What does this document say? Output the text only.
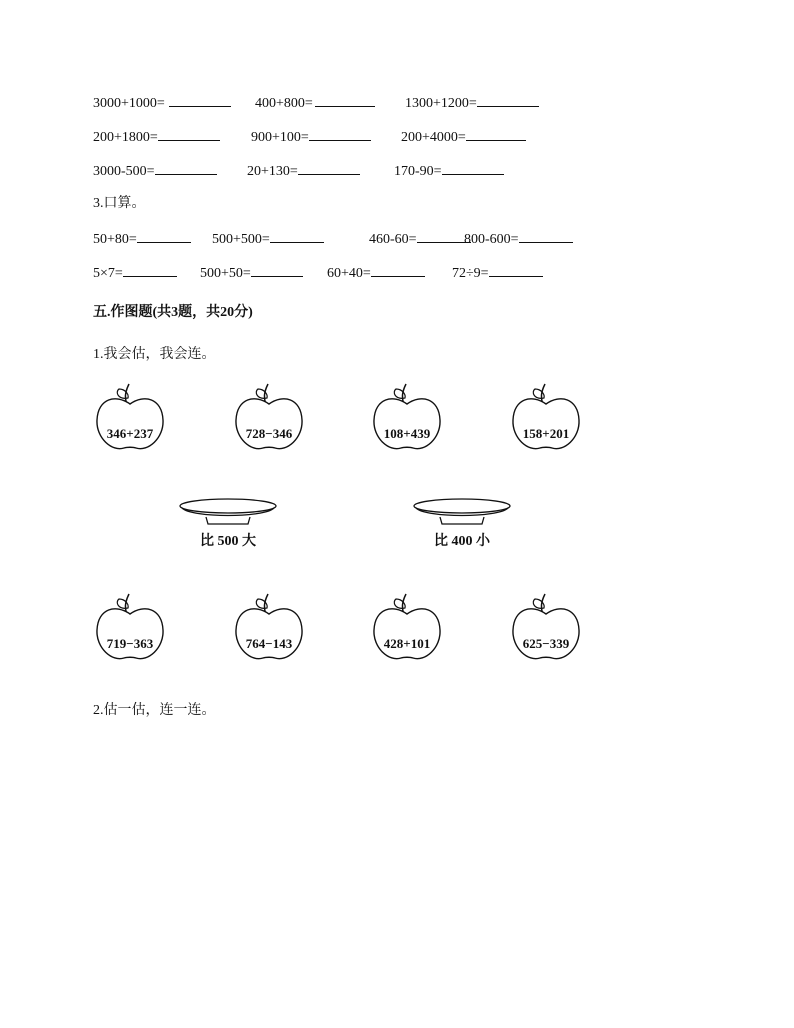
3000+1000=	400+800=	1300+1200=
200+1800=	900+100=	200+4000=
3000-500=	20+130=	170-90=
3.口算。
50+80=	500+500=	460-60=	800-600=
5×7=	500+50=	60+40=	72÷9=
五.作图题(共3题，共20分)
1.我会估，我会连。
346+237	728−346	108+439	158+201
比 500 大	比 400 小
719−363	764−143	428+101	625−339
2.估一估，连一连。
